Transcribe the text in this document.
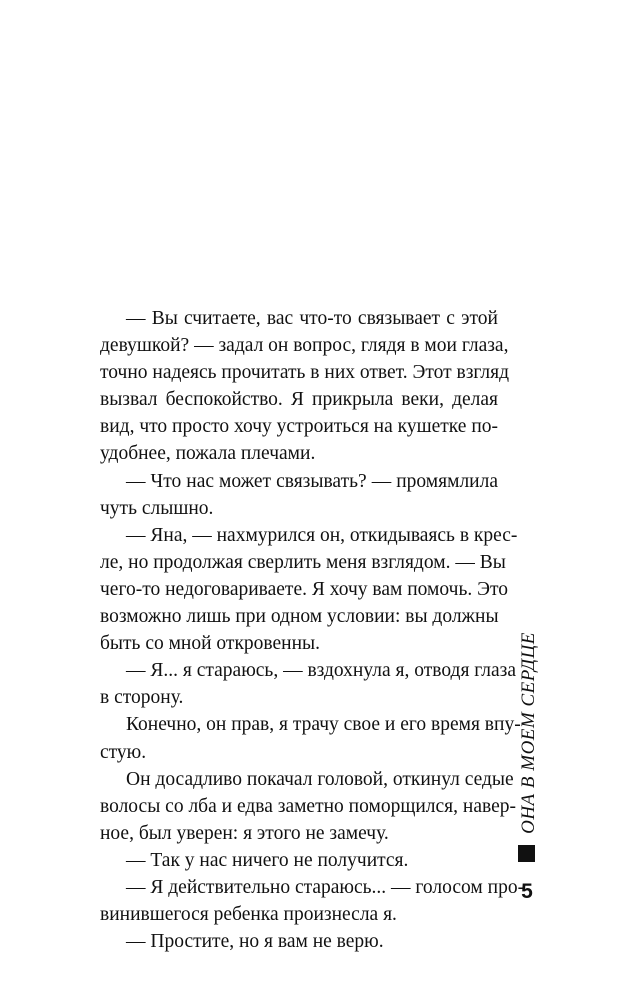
— Вы считаете, вас что-то связывает с этой
девушкой? — задал он вопрос, глядя в мои глаза,
точно надеясь прочитать в них ответ. Этот взгляд
вызвал беспокойство. Я прикрыла веки, делая
вид, что просто хочу устроиться на кушетке по-
удобнее, пожала плечами.
— Что нас может связывать? — промямлила
чуть слышно.
— Яна, — нахмурился он, откидываясь в крес-
ле, но продолжая сверлить меня взглядом. — Вы
чего-то недоговариваете. Я хочу вам помочь. Это
возможно лишь при одном условии: вы должны
быть со мной откровенны.
— Я... я стараюсь, — вздохнула я, отводя глаза
в сторону.
Конечно, он прав, я трачу свое и его время впу-
стую.
Он досадливо покачал головой, откинул седые
волосы со лба и едва заметно поморщился, навер-
ное, был уверен: я этого не замечу.
— Так у нас ничего не получится.
— Я действительно стараюсь... — голосом про-
винившегося ребенка произнесла я.
— Простите, но я вам не верю.
ОНА В МОЕМ СЕРДЦЕ
5
